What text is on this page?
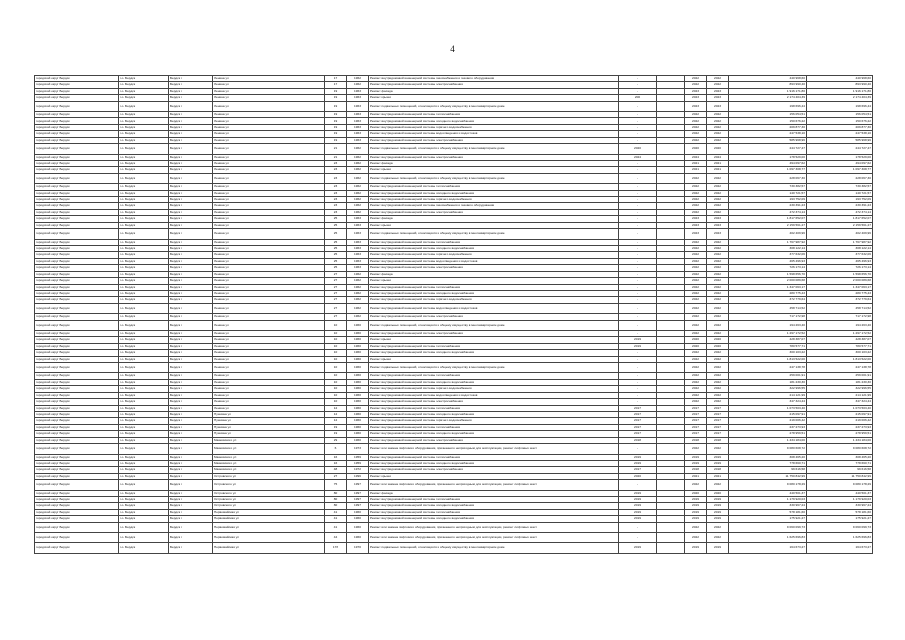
4
городской округ Бердск	г.о. Бердск	Бердск г	Ленина ул	17	1962	Ремонт внутридомовой инженерной системы газоснабжения и газового оборудования	-		2022	2022	440 968,60	440 968,60
городской округ Бердск	г.о. Бердск	Бердск г	Ленина ул	17	1962	Ремонт внутридомовой инженерной системы электроснабжения	-		2022	2022	893 990,40	893 990,40
городской округ Бердск	г.о. Бердск	Бердск г	Ленина ул	19	1963	Ремонт фасада	-		2023	2023	1 916 171,80	1 916 171,80
городской округ Бердск	г.о. Бердск	Бердск г	Ленина ул	19	1963	Ремонт крыши	200		2023	2023	2 174 404,39	2 174 404,39
городской округ Бердск	г.о. Бердск	Бердск г	Ленина ул	19	1963	Ремонт подвальных помещений, относящихся к общему имуществу в многоквартирном доме	-		2023	2023	198 696,44	198 696,44
городской округ Бердск	г.о. Бердск	Бердск г	Ленина ул	19	1963	Ремонт внутридомовой инженерной системы теплоснабжения	-		2022	2022	156 054,51	156 054,51
городской округ Бердск	г.о. Бердск	Бердск г	Ленина ул	19	1963	Ремонт внутридомовой инженерной системы холодного водоснабжения	-		2022	2022	150 676,22	150 676,22
городской округ Бердск	г.о. Бердск	Бердск г	Ленина ул	19	1963	Ремонт внутридомовой инженерной системы горячего водоснабжения	-		2022	2022	209 877,30	209 877,30
городской округ Бердск	г.о. Бердск	Бердск г	Ленина ул	19	1963	Ремонт внутридомовой инженерной системы водоотведения и водостоков	-		2022	2022	247 538,10	247 538,10
городской округ Бердск	г.о. Бердск	Бердск г	Ленина ул	19	1963	Ремонт внутридомовой инженерной системы электроснабжения	-		2022	2022	585 968,96	585 968,96
городской округ Бердск	г.о. Бердск	Бердск г	Ленина ул	21	1962	Ремонт подвальных помещений, относящихся к общему имуществу в многоквартирном доме	2020		2020	2020	244 727,47	244 727,47
городской округ Бердск	г.о. Бердск	Бердск г	Ленина ул	21	1962	Ремонт внутридомовой инженерной системы электроснабжения	2024		2024	2024	178 529,00	178 529,00
городской округ Бердск	г.о. Бердск	Бердск г	Ленина ул	23	1962	Ремонт фасада	-		2021	2021	494 097,62	494 097,62
городской округ Бердск	г.о. Бердск	Бердск г	Ленина ул	23	1962	Ремонт крыши	-		2021	2021	1 097 308,77	1 097 308,77
городской округ Бердск	г.о. Бердск	Бердск г	Ленина ул	23	1962	Ремонт подвальных помещений, относящихся к общему имуществу в многоквартирном доме	-		2022	2022	228 067,30	228 067,30
городской округ Бердск	г.о. Бердск	Бердск г	Ленина ул	23	1962	Ремонт внутридомовой инженерной системы теплоснабжения	-		2022	2022	730 382,57	730 382,57
городской округ Бердск	г.о. Бердск	Бердск г	Ленина ул	23	1962	Ремонт внутридомовой инженерной системы холодного водоснабжения	-		2022	2022	140 721,57	140 721,57
городской округ Бердск	г.о. Бердск	Бердск г	Ленина ул	23	1962	Ремонт внутридомовой инженерной системы горячего водоснабжения	-		2022	2022	193 752,09	193 752,09
городской округ Бердск	г.о. Бердск	Бердск г	Ленина ул	23	1962	Ремонт внутридомовой инженерной системы газоснабжения и газового оборудования	-		2022	2022	230 391,23	230 391,23
городской округ Бердск	г.о. Бердск	Бердск г	Ленина ул	23	1962	Ремонт внутридомовой инженерной системы электроснабжения	-		2022	2022	472 374,14	472 374,14
городской округ Бердск	г.о. Бердск	Бердск г	Ленина ул	25	1963	Ремонт фасада	-		2023	2023	1 817 652,07	1 817 652,07
городской округ Бердск	г.о. Бердск	Бердск г	Ленина ул	25	1963	Ремонт крыши	-		2023	2023	2 159 561,27	2 159 561,27
городской округ Бердск	г.о. Бердск	Бердск г	Ленина ул	25	1963	Ремонт подвальных помещений, относящихся к общему имуществу в многоквартирном доме	-		2023	2023	402 409,96	402 409,96
городской округ Бердск	г.о. Бердск	Бердск г	Ленина ул	25	1963	Ремонт внутридомовой инженерной системы теплоснабжения	-		2022	2022	1 767 987,92	1 767 987,92
городской округ Бердск	г.о. Бердск	Бердск г	Ленина ул	25	1963	Ремонт внутридомовой инженерной системы холодного водоснабжения	-		2022	2022	308 122,14	308 122,14
городской округ Бердск	г.о. Бердск	Бердск г	Ленина ул	25	1963	Ремонт внутридомовой инженерной системы горячего водоснабжения	-		2022	2022	377 632,06	377 632,06
городской округ Бердск	г.о. Бердск	Бердск г	Ленина ул	25	1963	Ремонт внутридомовой инженерной системы водоотведения и водостоков	-		2022	2022	465 496,93	465 496,93
городской округ Бердск	г.о. Бердск	Бердск г	Ленина ул	25	1963	Ремонт внутридомовой инженерной системы электроснабжения	-		2022	2022	726 173,14	726 173,14
городской округ Бердск	г.о. Бердск	Бердск г	Ленина ул	27	1962	Ремонт фасада	-		2022	2022	1 598 656,70	1 598 656,70
городской округ Бердск	г.о. Бердск	Бердск г	Ленина ул	27	1962	Ремонт крыши	-		2022	2022	2 000 089,68	2 000 089,68
городской округ Бердск	г.о. Бердск	Бердск г	Ленина ул	27	1962	Ремонт внутридомовой инженерной системы теплоснабжения	-		2022	2022	1 347 063,17	1 347 063,17
городской округ Бердск	г.о. Бердск	Бердск г	Ленина ул	27	1962	Ремонт внутридомовой инженерной системы холодного водоснабжения	-		2022	2022	280 775,43	280 775,43
городской округ Бердск	г.о. Бердск	Бердск г	Ленина ул	27	1962	Ремонт внутридомовой инженерной системы горячего водоснабжения	-		2022	2022	372 779,64	372 779,64
городской округ Бердск	г.о. Бердск	Бердск г	Ленина ул	27	1962	Ремонт внутридомовой инженерной системы водоотведения и водостоков	-		2022	2022	458 714,52	458 714,52
городской округ Бердск	г.о. Бердск	Бердск г	Ленина ул	27	1962	Ремонт внутридомовой инженерной системы электроснабжения	-		2022	2022	717 172,98	717 172,98
городской округ Бердск	г.о. Бердск	Бердск г	Ленина ул	10	1960	Ремонт подвальных помещений, относящихся к общему имуществу в многоквартирном доме	-		2022	2022	194 263,40	194 263,40
городской округ Бердск	г.о. Бердск	Бердск г	Ленина ул	10	1960	Ремонт внутридомовой инженерной системы электроснабжения	-		2022	2022	1 297 172,52	1 297 172,52
городской округ Бердск	г.о. Бердск	Бердск г	Ленина ул	10	1960	Ремонт крыши	2019		2020	2020	428 387,07	428 387,07
городской округ Бердск	г.о. Бердск	Бердск г	Ленина ул	10	1960	Ремонт внутридомовой инженерной системы теплоснабжения	2019		2020	2020	780 577,71	780 577,71
городской округ Бердск	г.о. Бердск	Бердск г	Ленина ул	10	1960	Ремонт внутридомовой инженерной системы холодного водоснабжения	-		2022	2022	300 103,22	300 103,22
городской округ Бердск	г.о. Бердск	Бердск г	Ленина ул	10	1960	Ремонт крыши	-		2022	2022	1 813 522,00	1 813 522,00
городской округ Бердск	г.о. Бердск	Бердск г	Ленина ул	10	1960	Ремонт подвальных помещений, относящихся к общему имуществу в многоквартирном доме	-		2022	2022	247 138,78	247 138,78
городской округ Бердск	г.о. Бердск	Бердск г	Ленина ул	10	1960	Ремонт внутридомовой инженерной системы теплоснабжения	-		2022	2022	259 001,91	259 001,91
городской округ Бердск	г.о. Бердск	Бердск г	Ленина ул	10	1960	Ремонт внутридомовой инженерной системы холодного водоснабжения	-		2022	2022	181 230,30	181 230,30
городской округ Бердск	г.о. Бердск	Бердск г	Ленина ул	10	1960	Ремонт внутридомовой инженерной системы горячего водоснабжения	-		2022	2022	322 996,55	322 996,55
городской округ Бердск	г.о. Бердск	Бердск г	Ленина ул	10	1960	Ремонт внутридомовой инженерной системы водоотведения и водостоков	-		2022	2022	214 121,99	214 121,99
городской округ Бердск	г.о. Бердск	Бердск г	Ленина ул	10	1960	Ремонт внутридомовой инженерной системы электроснабжения	-		2022	2022	347 324,44	347 324,44
городской округ Бердск	г.о. Бердск	Бердск г	Ленина ул	12	1960	Ремонт внутридомовой инженерной системы теплоснабжения	2017		2017	2017	1 073 503,40	1 073 503,40
городской округ Бердск	г.о. Бердск	Бердск г	Пушкина ул	12	1960	Ремонт внутридомовой инженерной системы холодного водоснабжения	2017		2017	2017	215 097,91	215 097,91
городской округ Бердск	г.о. Бердск	Бердск г	Пушкина ул	12	1960	Ремонт внутридомовой инженерной системы горячего водоснабжения	2017		2017	2017	219 006,42	219 006,42
городской округ Бердск	г.о. Бердск	Бердск г	Пушкина ул	19	1960	Ремонт внутридомовой инженерной системы теплоснабжения	2017		2017	2017	237 273,93	237 273,93
городской округ Бердск	г.о. Бердск	Бердск г	Пушкина ул	19	1960	Ремонт внутридомовой инженерной системы холодного водоснабжения	2017		2017	2017	278 959,51	278 959,51
городской округ Бердск	г.о. Бердск	Бердск г	Маяковского ул	29	1960	Ремонт внутридомовой инженерной системы электроснабжения	2018		2018	2018	1 434 184,00	1 434 184,00
городской округ Бердск	г.о. Бердск	Бердск г	Маяковского ул	6	1973	Ремонт или замена лифтового оборудования, признанного непригодным для эксплуатации, ремонт лифтовых шахт	-		2022	2022	9 080 608,72	9 080 608,72
городской округ Бердск	г.о. Бердск	Бердск г	Маяковского ул	16	1959	Ремонт внутридомовой инженерной системы теплоснабжения	2019		2019	2019	308 465,20	308 465,20
городской округ Бердск	г.о. Бердск	Бердск г	Маяковского ул	16	1959	Ремонт внутридомовой инженерной системы холодного водоснабжения	2019		2019	2019	778 660,71	778 660,71
городской округ Бердск	г.о. Бердск	Бердск г	Маяковского ул	48	1972	Ремонт внутридомовой инженерной системы электроснабжения	2017		2018	2018	99 616,58	99 616,58
городской округ Бердск	г.о. Бердск	Бердск г	Островского ул	27	1996	Ремонт крыши	2020		2021	2021	11 750 842,99	11 750 842,99
городской округ Бердск	г.о. Бердск	Бердск г	Островского ул	75	1997	Ремонт или замена лифтового оборудования, признанного непригодным для эксплуатации, ремонт лифтовых шахт	-		2022	2022	9 080 178,29	9 080 178,29
городской округ Бердск	г.о. Бердск	Бердск г	Островского ул	80	1997	Ремонт фасада	2019		2020	2020	440 501,37	440 501,37
городской округ Бердск	г.о. Бердск	Бердск г	Островского ул	80	1997	Ремонт внутридомовой инженерной системы теплоснабжения	2019		2019	2019	1 179 920,03	1 179 920,03
городской округ Бердск	г.о. Бердск	Бердск г	Островского ул	80	1997	Ремонт внутридомовой инженерной системы холодного водоснабжения	2019		2019	2019	330 967,24	330 967,24
городской округ Бердск	г.о. Бердск	Бердск г	Первомайская ул	41	1960	Ремонт внутридомовой инженерной системы теплоснабжения	2019		2019	2019	578 181,60	578 181,60
городской округ Бердск	г.о. Бердск	Бердск г	Первомайская ул	41	1960	Ремонт внутридомовой инженерной системы холодного водоснабжения	2019		2019	2019	175 921,27	175 921,27
городской округ Бердск	г.о. Бердск	Бердск г	Первомайская ул	41	1960	Ремонт или замена лифтового оборудования, признанного непригодным для эксплуатации, ремонт лифтовых шахт	-		2022	2022	9 060 099,73	9 060 099,73
городской округ Бердск	г.о. Бердск	Бердск г	Первомайская ул	44	1960	Ремонт или замена лифтового оборудования, признанного непригодным для эксплуатации, ремонт лифтовых шахт	-		2022	2022	1 625 696,83	1 625 696,83
городской округ Бердск	г.о. Бердск	Бердск г	Первомайская ул	17б	1970	Ремонт подвальных помещений, относящихся к общему имуществу в многоквартирном доме	2019		2019	2019	164 673,27	164 673,27
